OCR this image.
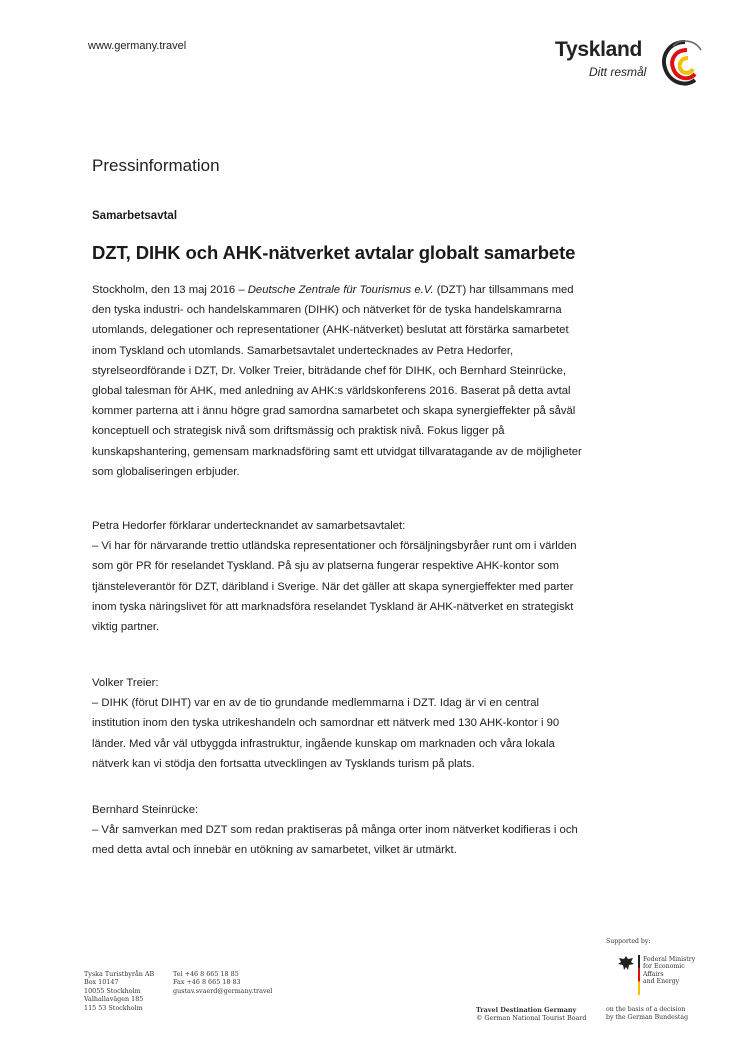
www.germany.travel	Tyskland
Ditt resmål
Pressinformation
Samarbetsavtal
DZT, DIHK och AHK-nätverket avtalar globalt samarbete
Stockholm, den 13 maj 2016 – Deutsche Zentrale für Tourismus e.V. (DZT) har tillsammans med
den tyska industri- och handelskammaren (DIHK) och nätverket för de tyska handelskamrarna
utomlands, delegationer och representationer (AHK-nätverket) beslutat att förstärka samarbetet
inom Tyskland och utomlands. Samarbetsavtalet undertecknades av Petra Hedorfer,
styrelseordförande i DZT, Dr. Volker Treier, biträdande chef för DIHK, och Bernhard Steinrücke,
global talesman för AHK, med anledning av AHK:s världskonferens 2016. Baserat på detta avtal
kommer parterna att i ännu högre grad samordna samarbetet och skapa synergieffekter på såväl
konceptuell och strategisk nivå som driftsmässig och praktisk nivå. Fokus ligger på
kunskapshantering, gemensam marknadsföring samt ett utvidgat tillvaratagande av de möjligheter
som globaliseringen erbjuder.
Petra Hedorfer förklarar undertecknandet av samarbetsavtalet:
– Vi har för närvarande trettio utländska representationer och försäljningsbyråer runt om i världen
som gör PR för reselandet Tyskland. På sju av platserna fungerar respektive AHK-kontor som
tjänsteleverantör för DZT, däribland i Sverige. När det gäller att skapa synergieffekter med parter
inom tyska näringslivet för att marknadsföra reselandet Tyskland är AHK-nätverket en strategiskt
viktig partner.
Volker Treier:
– DIHK (förut DIHT) var en av de tio grundande medlemmarna i DZT. Idag är vi en central
institution inom den tyska utrikeshandeln och samordnar ett nätverk med 130 AHK-kontor i 90
länder. Med vår väl utbyggda infrastruktur, ingående kunskap om marknaden och våra lokala
nätverk kan vi stödja den fortsatta utvecklingen av Tysklands turism på plats.
Bernhard Steinrücke:
– Vår samverkan med DZT som redan praktiseras på många orter inom nätverket kodifieras i och
med detta avtal och innebär en utökning av samarbetet, vilket är utmärkt.
Tyska Turistbyrån AB
Box 10147
10055 Stockholm
Valhallavägen 185
115 53 Stockholm
Tel +46 8 665 18 85
Fax +46 8 665 18 83
gustav.svaerd@germany.travel
Travel Destination Germany
© German National Tourist Board
Supported by:
Federal Ministry
for Economic Affairs
and Energy
on the basis of a decision
by the German Bundestag
